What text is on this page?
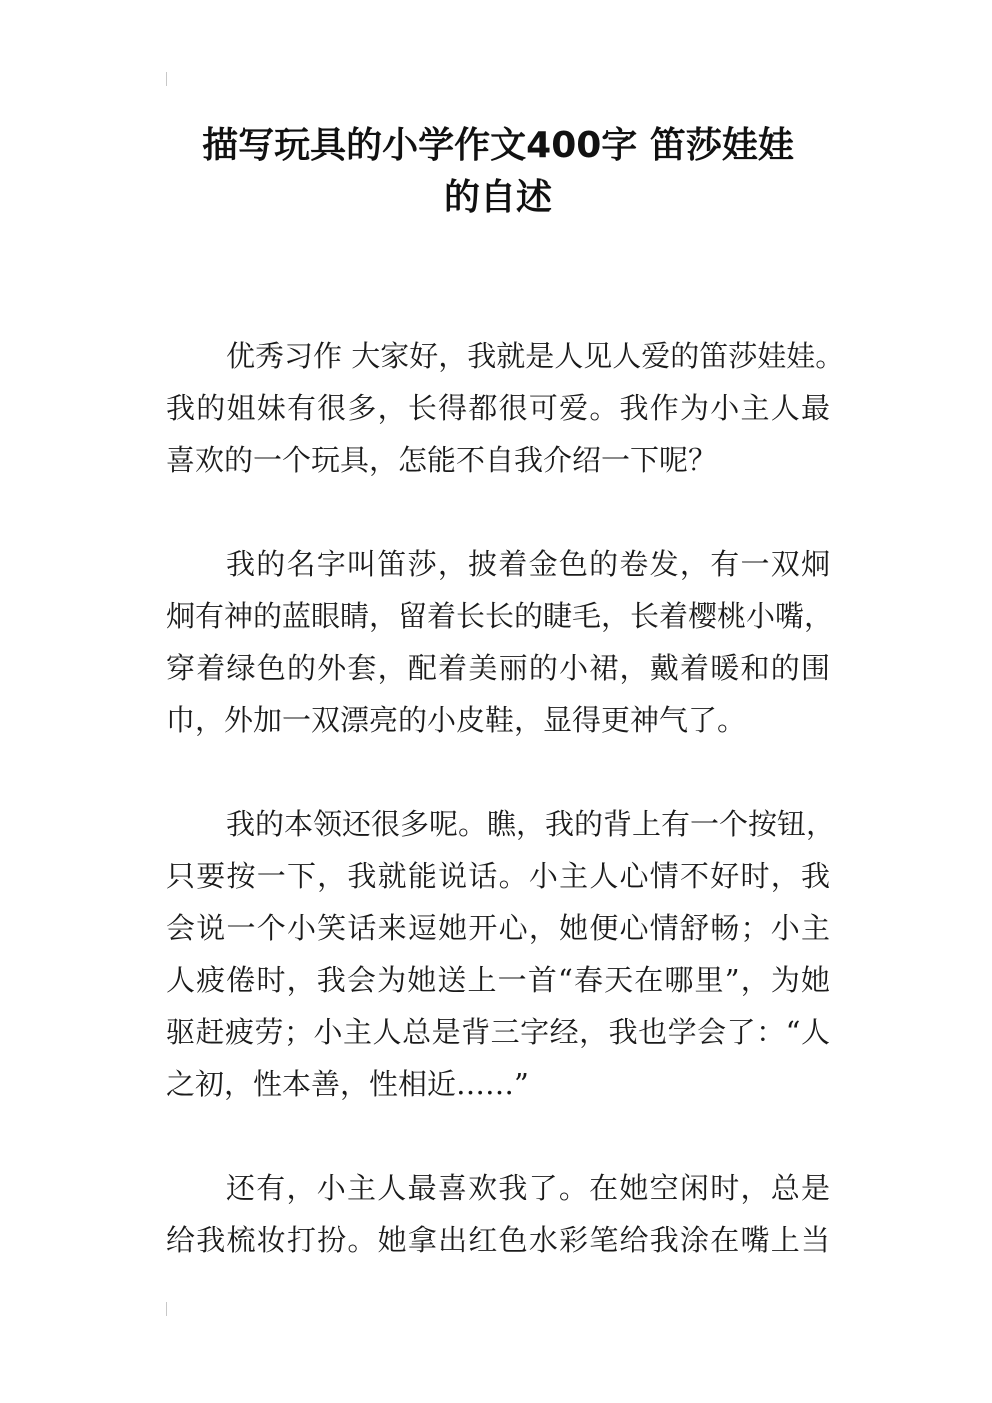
描写玩具的小学作文400字 笛莎娃娃
的自述

优秀习作 大家好，我就是人见人爱的笛莎娃娃。
我的姐妹有很多，长得都很可爱。我作为小主人最
喜欢的一个玩具，怎能不自我介绍一下呢？

我的名字叫笛莎，披着金色的卷发，有一双炯
炯有神的蓝眼睛，留着长长的睫毛，长着樱桃小嘴，
穿着绿色的外套，配着美丽的小裙，戴着暖和的围
巾，外加一双漂亮的小皮鞋，显得更神气了。

我的本领还很多呢。瞧，我的背上有一个按钮，
只要按一下，我就能说话。小主人心情不好时，我
会说一个小笑话来逗她开心，她便心情舒畅；小主
人疲倦时，我会为她送上一首“春天在哪里”，为她
驱赶疲劳；小主人总是背三字经，我也学会了：“人
之初，性本善，性相近……”

还有，小主人最喜欢我了。在她空闲时，总是
给我梳妆打扮。她拿出红色水彩笔给我涂在嘴上当
